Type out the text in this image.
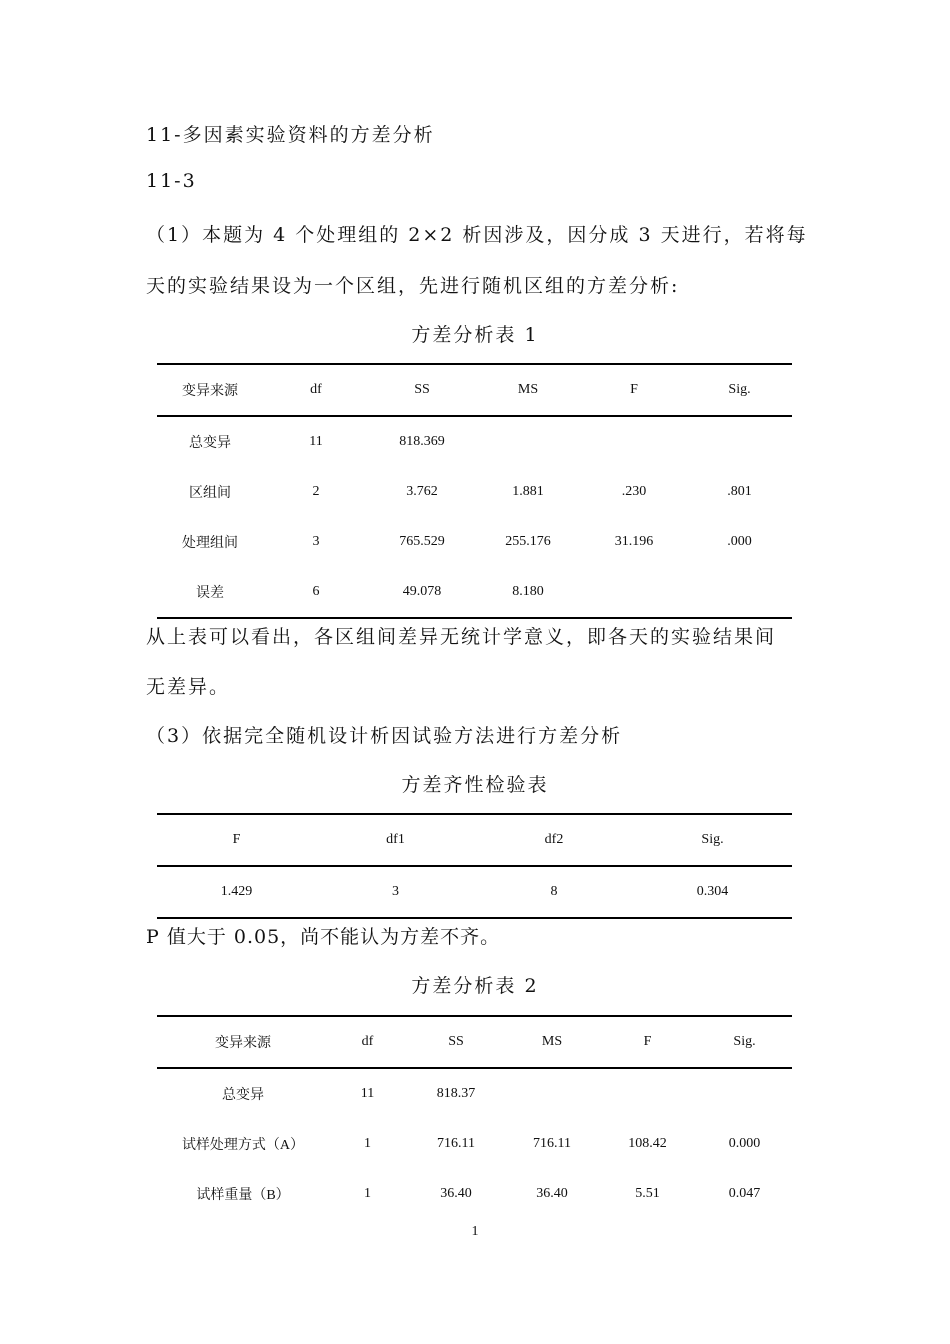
11-多因素实验资料的方差分析
11-3
（1）本题为 4 个处理组的 2×2 析因涉及，因分成 3 天进行，若将每
天的实验结果设为一个区组，先进行随机区组的方差分析:
方差分析表 1
变异来源	df	SS	MS	F	Sig.
总变异	11	818.369			
区组间	2	3.762	1.881	.230	.801
处理组间	3	765.529	255.176	31.196	.000
误差	6	49.078	8.180		
从上表可以看出，各区组间差异无统计学意义，即各天的实验结果间
无差异。
（3）依据完全随机设计析因试验方法进行方差分析
方差齐性检验表
F	df1	df2	Sig.
1.429	3	8	0.304
P 值大于 0.05，尚不能认为方差不齐。
方差分析表 2
变异来源	df	SS	MS	F	Sig.
总变异	11	818.37			
试样处理方式（A）	1	716.11	716.11	108.42	0.000
试样重量（B）	1	36.40	36.40	5.51	0.047
1
